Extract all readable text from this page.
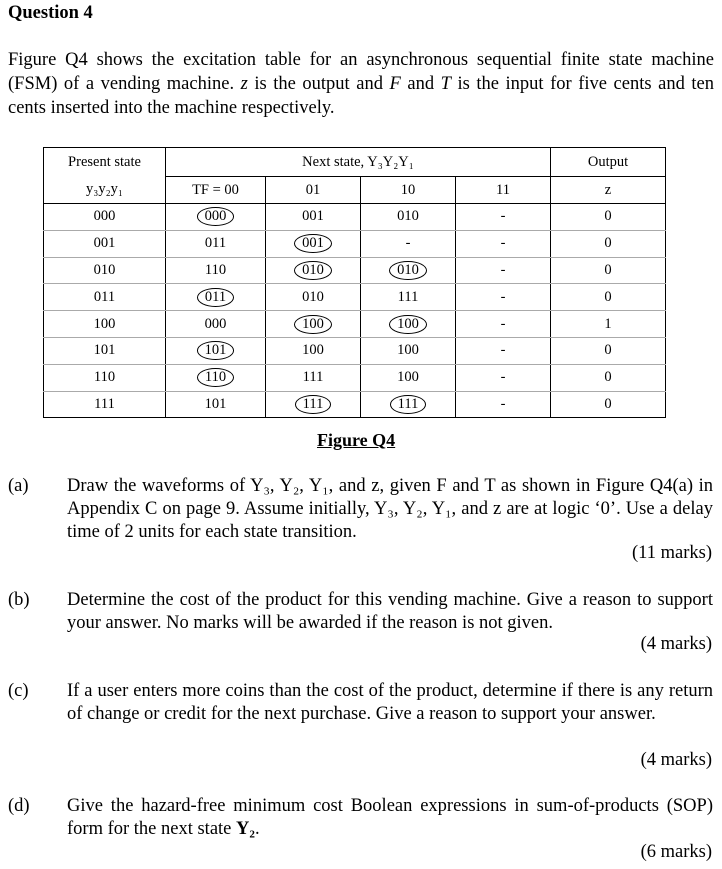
Question 4
Figure Q4 shows the excitation table for an asynchronous sequential finite state machine (FSM) of a vending machine. z is the output and F and T is the input for five cents and ten cents inserted into the machine respectively.
Present state	Next state, Y₃Y₂Y₁				Output
y₃y₂y₁	TF = 00	01	10	11	z
000	000	001	010	-	0
001	011	001	-	-	0
010	110	010	010	-	0
011	011	010	111	-	0
100	000	100	100	-	1
101	101	100	100	-	0
110	110	111	100	-	0
111	101	111	111	-	0
Figure Q4
(a) Draw the waveforms of Y₃, Y₂, Y₁, and z, given F and T as shown in Figure Q4(a) in Appendix C on page 9. Assume initially, Y₃, Y₂, Y₁, and z are at logic ‘0’. Use a delay time of 2 units for each state transition.
(11 marks)
(b) Determine the cost of the product for this vending machine. Give a reason to support your answer. No marks will be awarded if the reason is not given.
(4 marks)
(c) If a user enters more coins than the cost of the product, determine if there is any return of change or credit for the next purchase. Give a reason to support your answer.
(4 marks)
(d) Give the hazard-free minimum cost Boolean expressions in sum-of-products (SOP) form for the next state Y₂.
(6 marks)
